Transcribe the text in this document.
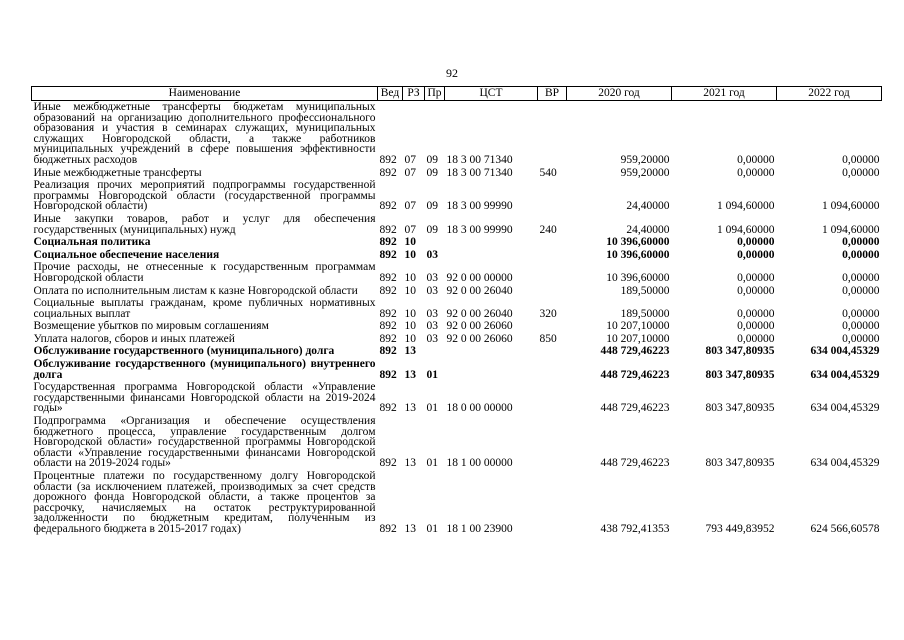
92
Наименование	Вед	РЗ	Пр	ЦСТ	ВР	2020 год	2021 год	2022 год
Иные межбюджетные трансферты бюджетам муниципальных образований на организацию дополнительного профессионального образования и участия в семинарах служащих, муниципальных служащих Новгородской области, а также работников муниципальных учреждений в сфере повышения эффективности бюджетных расходов	892	07	09	18 3 00 71340		959,20000	0,00000	0,00000
Иные межбюджетные трансферты	892	07	09	18 3 00 71340	540	959,20000	0,00000	0,00000
Реализация прочих мероприятий подпрограммы государственной программы Новгородской области (государственной программы Новгородской области)	892	07	09	18 3 00 99990		24,40000	1 094,60000	1 094,60000
Иные закупки товаров, работ и услуг для обеспечения государственных (муниципальных) нужд	892	07	09	18 3 00 99990	240	24,40000	1 094,60000	1 094,60000
Социальная политика	892	10				10 396,60000	0,00000	0,00000
Социальное обеспечение населения	892	10	03			10 396,60000	0,00000	0,00000
Прочие расходы, не отнесенные к государственным программам Новгородской области	892	10	03	92 0 00 00000		10 396,60000	0,00000	0,00000
Оплата по исполнительным листам к казне Новгородской области	892	10	03	92 0 00 26040		189,50000	0,00000	0,00000
Социальные выплаты гражданам, кроме публичных нормативных социальных выплат	892	10	03	92 0 00 26040	320	189,50000	0,00000	0,00000
Возмещение убытков по мировым соглашениям	892	10	03	92 0 00 26060		10 207,10000	0,00000	0,00000
Уплата налогов, сборов и иных платежей	892	10	03	92 0 00 26060	850	10 207,10000	0,00000	0,00000
Обслуживание государственного (муниципального) долга	892	13				448 729,46223	803 347,80935	634 004,45329
Обслуживание государственного (муниципального) внутреннего долга	892	13	01			448 729,46223	803 347,80935	634 004,45329
Государственная программа Новгородской области «Управление государственными финансами Новгородской области на 2019-2024 годы»	892	13	01	18 0 00 00000		448 729,46223	803 347,80935	634 004,45329
Подпрограмма «Организация и обеспечение осуществления бюджетного процесса, управление государственным долгом Новгородской области» государственной программы Новгородской области «Управление государственными финансами Новгородской области на 2019-2024 годы»	892	13	01	18 1 00 00000		448 729,46223	803 347,80935	634 004,45329
Процентные платежи по государственному долгу Новгородской области (за исключением платежей, производимых за счет средств дорожного фонда Новгородской области, а также процентов за рассрочку, начисляемых на остаток реструктурированной задолженности по бюджетным кредитам, полученным из федерального бюджета в 2015-2017 годах)	892	13	01	18 1 00 23900		438 792,41353	793 449,83952	624 566,60578
